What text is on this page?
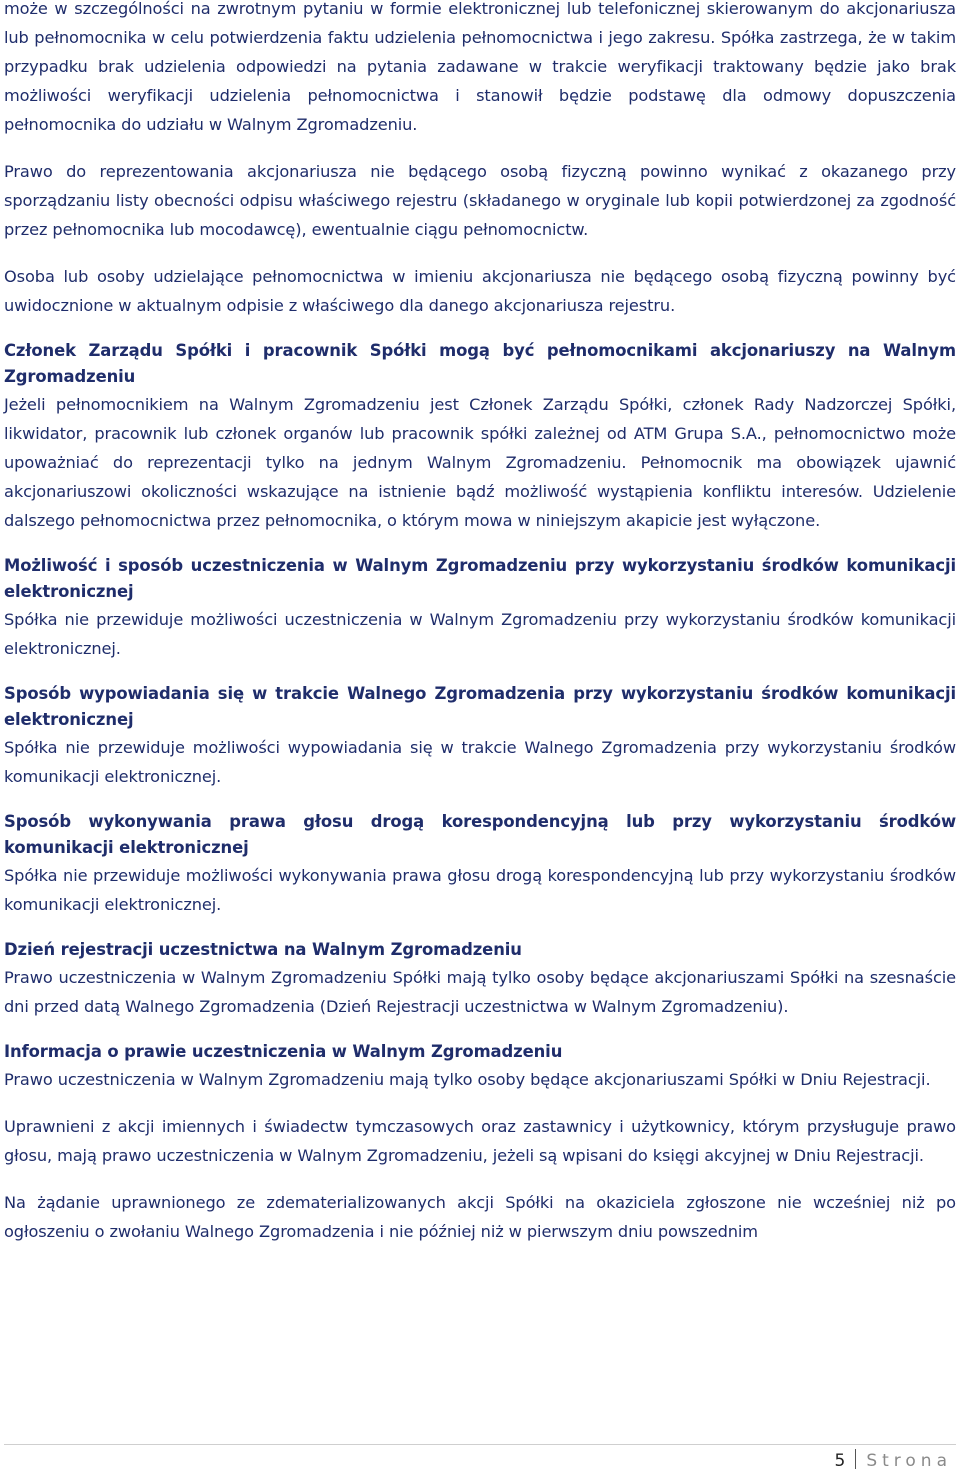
może w szczególności na zwrotnym pytaniu w formie elektronicznej lub telefonicznej skierowanym do akcjonariusza lub pełnomocnika w celu potwierdzenia faktu udzielenia pełnomocnictwa i jego zakresu. Spółka zastrzega, że w takim przypadku brak udzielenia odpowiedzi na pytania zadawane w trakcie weryfikacji traktowany będzie jako brak możliwości weryfikacji udzielenia pełnomocnictwa i stanowił będzie podstawę dla odmowy dopuszczenia pełnomocnika do udziału w Walnym Zgromadzeniu.

Prawo do reprezentowania akcjonariusza nie będącego osobą fizyczną powinno wynikać z okazanego przy sporządzaniu listy obecności odpisu właściwego rejestru (składanego w oryginale lub kopii potwierdzonej za zgodność przez pełnomocnika lub mocodawcę), ewentualnie ciągu pełnomocnictw.

Osoba lub osoby udzielające pełnomocnictwa w imieniu akcjonariusza nie będącego osobą fizyczną powinny być uwidocznione w aktualnym odpisie z właściwego dla danego akcjonariusza rejestru.

Członek Zarządu Spółki i pracownik Spółki mogą być pełnomocnikami akcjonariuszy na Walnym Zgromadzeniu

Jeżeli pełnomocnikiem na Walnym Zgromadzeniu jest Członek Zarządu Spółki, członek Rady Nadzorczej Spółki, likwidator, pracownik lub członek organów lub pracownik spółki zależnej od ATM Grupa S.A., pełnomocnictwo może upoważniać do reprezentacji tylko na jednym Walnym Zgromadzeniu. Pełnomocnik ma obowiązek ujawnić akcjonariuszowi okoliczności wskazujące na istnienie bądź możliwość wystąpienia konfliktu interesów. Udzielenie dalszego pełnomocnictwa przez pełnomocnika, o którym mowa w niniejszym akapicie jest wyłączone.

Możliwość i sposób uczestniczenia w Walnym Zgromadzeniu przy wykorzystaniu środków komunikacji elektronicznej

Spółka nie przewiduje możliwości uczestniczenia w Walnym Zgromadzeniu przy wykorzystaniu środków komunikacji elektronicznej.

Sposób wypowiadania się w trakcie Walnego Zgromadzenia przy wykorzystaniu środków komunikacji elektronicznej

Spółka nie przewiduje możliwości wypowiadania się w trakcie Walnego Zgromadzenia przy wykorzystaniu środków komunikacji elektronicznej.

Sposób wykonywania prawa głosu drogą korespondencyjną lub przy wykorzystaniu środków komunikacji elektronicznej

Spółka nie przewiduje możliwości wykonywania prawa głosu drogą korespondencyjną lub przy wykorzystaniu środków komunikacji elektronicznej.

Dzień rejestracji uczestnictwa na Walnym Zgromadzeniu

Prawo uczestniczenia w Walnym Zgromadzeniu Spółki mają tylko osoby będące akcjonariuszami Spółki na szesnaście dni przed datą Walnego Zgromadzenia (Dzień Rejestracji uczestnictwa w Walnym Zgromadzeniu).

Informacja o prawie uczestniczenia w Walnym Zgromadzeniu

Prawo uczestniczenia w Walnym Zgromadzeniu mają tylko osoby będące akcjonariuszami Spółki w Dniu Rejestracji.

Uprawnieni z akcji imiennych i świadectw tymczasowych oraz zastawnicy i użytkownicy, którym przysługuje prawo głosu, mają prawo uczestniczenia w Walnym Zgromadzeniu, jeżeli są wpisani do księgi akcyjnej w Dniu Rejestracji.

Na żądanie uprawnionego ze zdematerializowanych akcji Spółki na okaziciela zgłoszone nie wcześniej niż po ogłoszeniu o zwołaniu Walnego Zgromadzenia i nie później niż w pierwszym dniu powszednim

5 Strona
